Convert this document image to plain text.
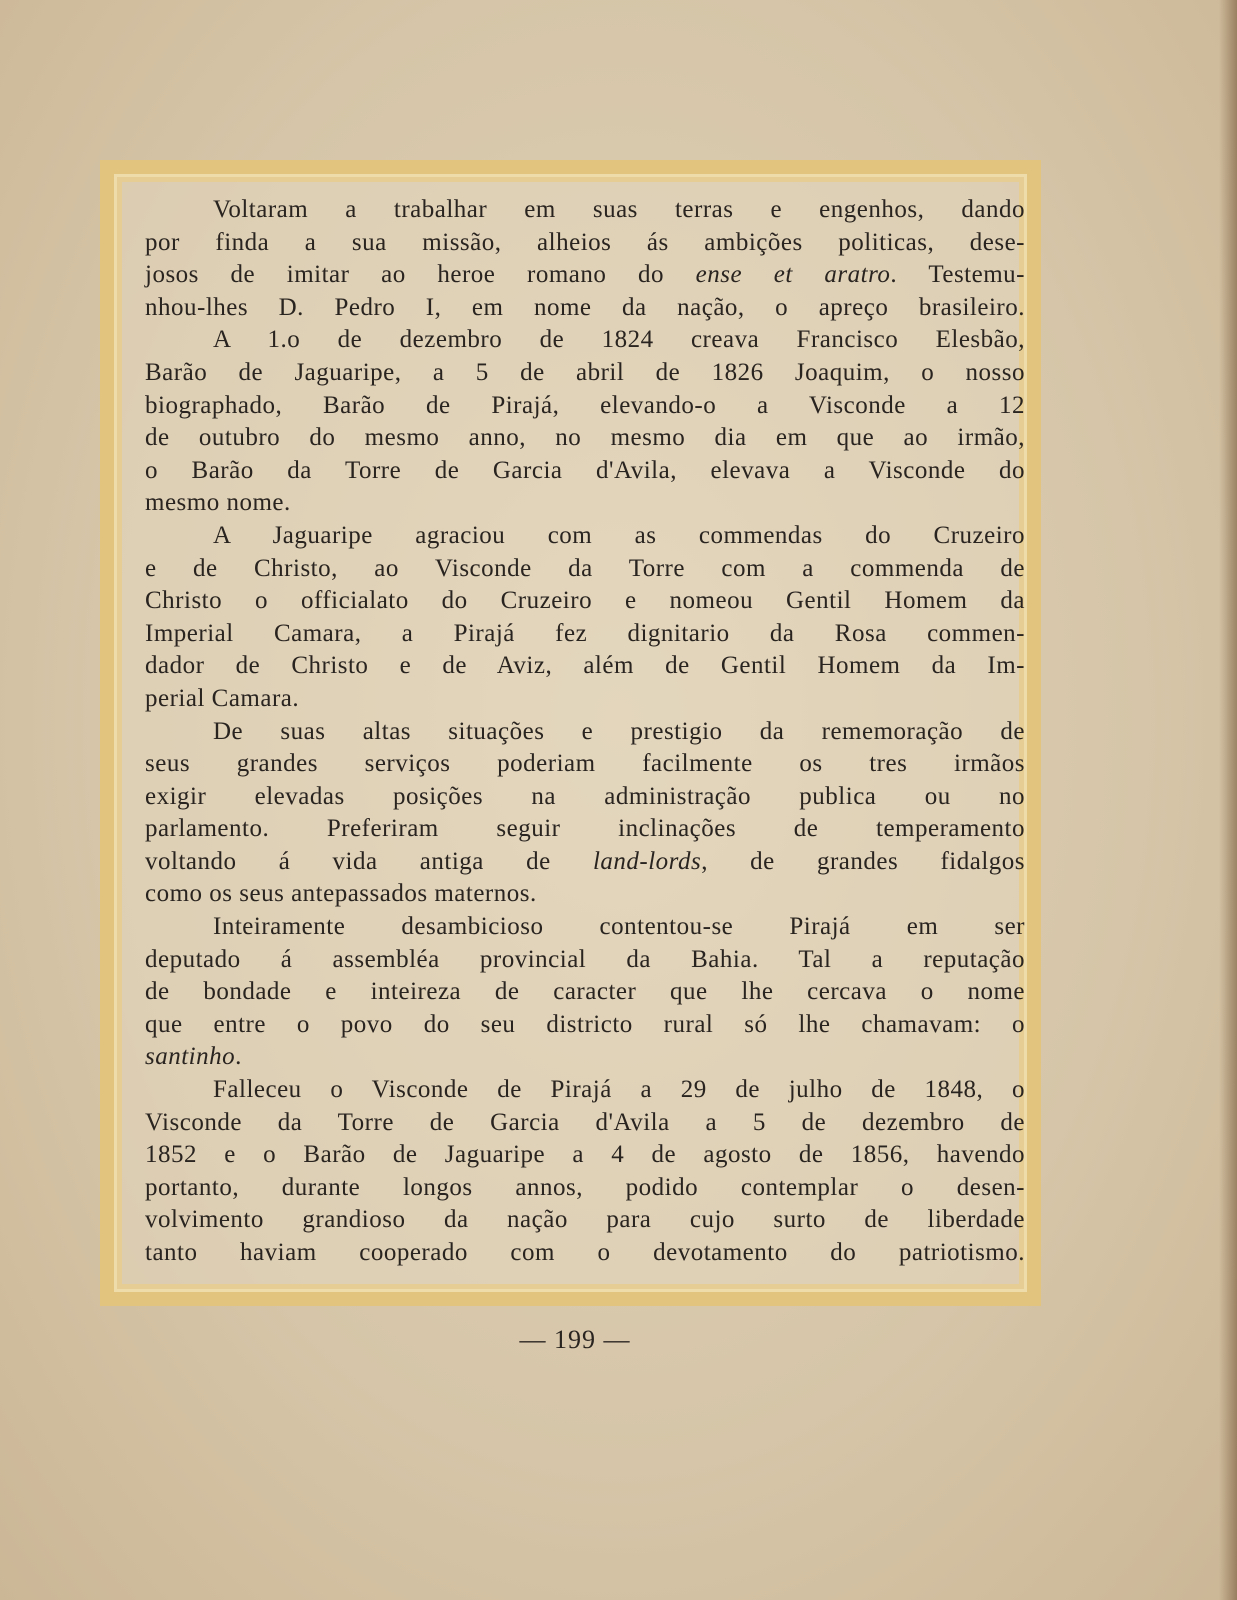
Voltaram a trabalhar em suas terras e engenhos, dando
por finda a sua missão, alheios ás ambições politicas, dese-
josos de imitar ao heroe romano do ense et aratro. Testemu-
nhou-lhes D. Pedro I, em nome da nação, o apreço brasileiro.
A 1.o de dezembro de 1824 creava Francisco Elesbão,
Barão de Jaguaripe, a 5 de abril de 1826 Joaquim, o nosso
biographado, Barão de Pirajá, elevando-o a Visconde a 12
de outubro do mesmo anno, no mesmo dia em que ao irmão,
o Barão da Torre de Garcia d'Avila, elevava a Visconde do
mesmo nome.
A Jaguaripe agraciou com as commendas do Cruzeiro
e de Christo, ao Visconde da Torre com a commenda de
Christo o officialato do Cruzeiro e nomeou Gentil Homem da
Imperial Camara, a Pirajá fez dignitario da Rosa commen-
dador de Christo e de Aviz, além de Gentil Homem da Im-
perial Camara.
De suas altas situações e prestigio da rememoração de
seus grandes serviços poderiam facilmente os tres irmãos
exigir elevadas posições na administração publica ou no
parlamento. Preferiram seguir inclinações de temperamento
voltando á vida antiga de land-lords, de grandes fidalgos
como os seus antepassados maternos.
Inteiramente desambicioso contentou-se Pirajá em ser
deputado á assembléa provincial da Bahia. Tal a reputação
de bondade e inteireza de caracter que lhe cercava o nome
que entre o povo do seu districto rural só lhe chamavam: o
santinho.
Falleceu o Visconde de Pirajá a 29 de julho de 1848, o
Visconde da Torre de Garcia d'Avila a 5 de dezembro de
1852 e o Barão de Jaguaripe a 4 de agosto de 1856, havendo
portanto, durante longos annos, podido contemplar o desen-
volvimento grandioso da nação para cujo surto de liberdade
tanto haviam cooperado com o devotamento do patriotismo.
— 199 —
